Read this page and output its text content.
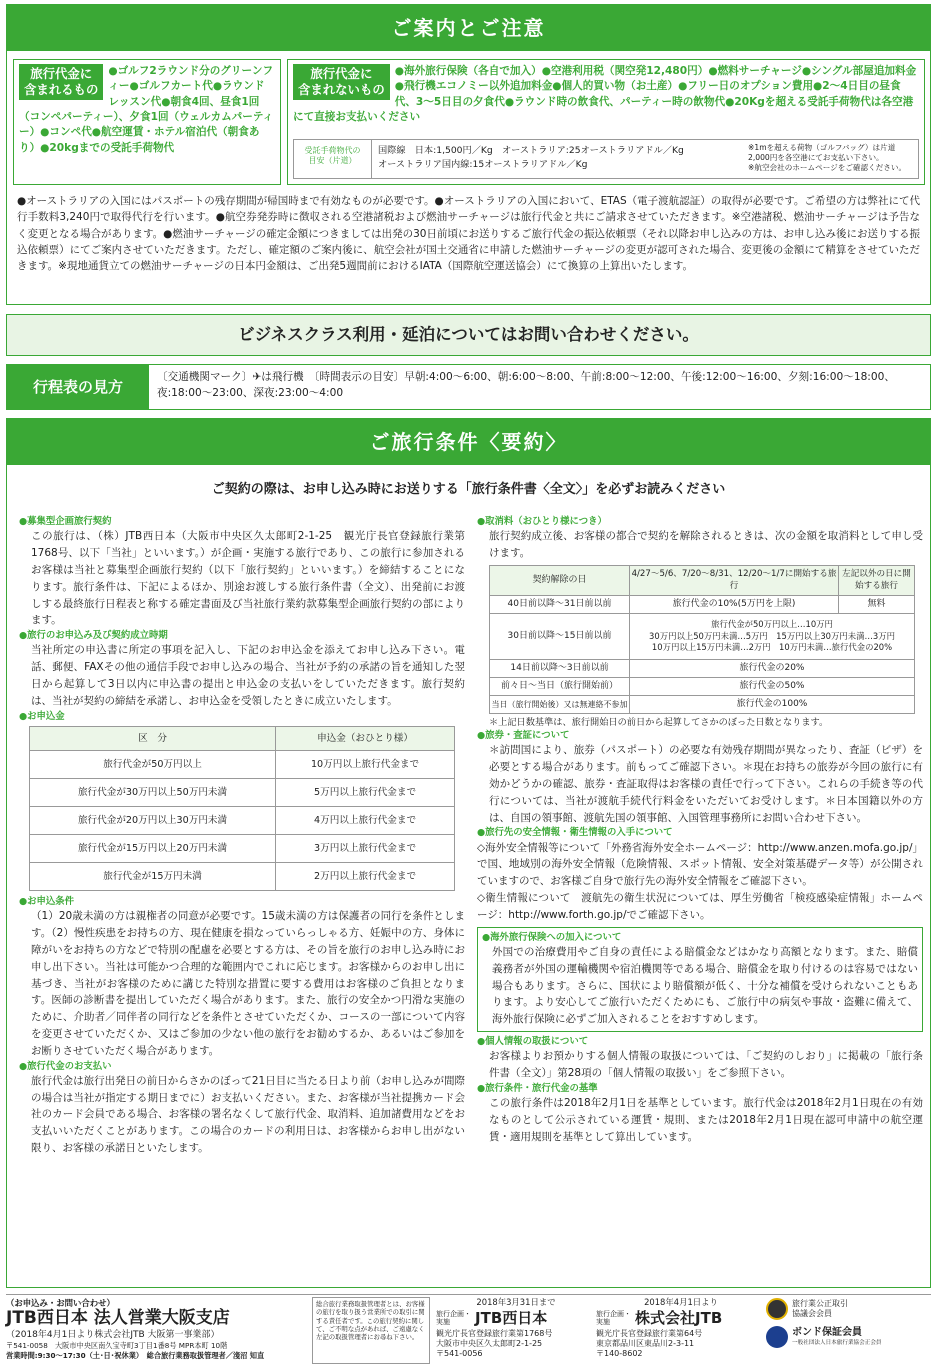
ご案内とご注意
旅行代金に
含まれるもの
●ゴルフ2ラウンド分のグリーンフィー●ゴルフカート代●ラウンドレッスン代●朝食4回、昼食1回（コンペパーティー）、夕食1回（ウェルカムパーティー）●コンペ代●航空運賃・ホテル宿泊代（朝食あり）●20kgまでの受託手荷物代
旅行代金に
含まれないもの
●海外旅行保険（各自で加入）●空港利用税（関空発12,480円）●燃料サーチャージ●シングル部屋追加料金●飛行機エコノミー以外追加料金●個人的買い物（お土産）●フリー日のオプション費用●2～4日目の昼食代、3～5日目の夕食代●ラウンド時の飲食代、パーティー時の飲物代●20Kgを超える受託手荷物代は各空港にて直接お支払いください
受託手荷物代の
目安（片道）
国際線　日本:1,500円／Kg　オーストラリア:25オーストラリアドル／Kg
オーストラリア国内線:15オーストラリアドル／Kg
※1mを超える荷物（ゴルフバッグ）は片道2,000円を各空港にてお支払い下さい。
※航空会社のホームページをご確認ください。

●オーストラリアの入国にはパスポートの残存期間が帰国時まで有効なものが必要です。●オーストラリアの入国において、ETAS（電子渡航認証）の取得が必要です。ご希望の方は弊社にて代行手数料3,240円で取得代行を行います。●航空券発券時に徴収される空港諸税および燃油サーチャージは旅行代金と共にご請求させていただきます。※空港諸税、燃油サーチャージは予告なく変更となる場合があります。●燃油サーチャージの確定金額につきましては出発の30日前頃にお送りするご旅行代金の振込依頼票（それ以降お申し込みの方は、お申し込み後にお送りする振込依頼票）にてご案内させていただきます。ただし、確定額のご案内後に、航空会社が国土交通省に申請した燃油サーチャージの変更が認可された場合、変更後の金額にて精算をさせていただきます。※現地通貨立ての燃油サーチャージの日本円金額は、ご出発5週間前におけるIATA（国際航空運送協会）にて換算の上算出いたします。

ビジネスクラス利用・延泊についてはお問い合わせください。
行程表の見方
〔交通機関マーク〕✈は飛行機　〔時間表示の目安〕早朝:4:00～6:00、朝:6:00～8:00、午前:8:00～12:00、午後:12:00～16:00、夕刻:16:00～18:00、夜:18:00～23:00、深夜:23:00～4:00
ご旅行条件〈要約〉
ご契約の際は、お申し込み時にお送りする「旅行条件書〈全文〉」を必ずお読みください
●募集型企画旅行契約

この旅行は、（株）JTB西日本（大阪市中央区久太郎町2-1-25　観光庁長官登録旅行業第1768号、以下「当社」といいます。）が企画・実施する旅行であり、この旅行に参加されるお客様は当社と募集型企画旅行契約（以下「旅行契約」といいます。）を締結することになります。旅行条件は、下記によるほか、別途お渡しする旅行条件書（全文）、出発前にお渡しする最終旅行日程表と称する確定書面及び当社旅行業約款募集型企画旅行契約の部によります。

●旅行のお申込み及び契約成立時期

当社所定の申込書に所定の事項を記入し、下記のお申込金を添えてお申し込み下さい。電話、郵便、FAXその他の通信手段でお申し込みの場合、当社が予約の承諾の旨を通知した翌日から起算して3日以内に申込書の提出と申込金の支払いをしていただきます。旅行契約は、当社が契約の締結を承諾し、お申込金を受領したときに成立いたします。

●お申込金
区　分	申込金（おひとり様）
旅行代金が50万円以上	10万円以上旅行代金まで
旅行代金が30万円以上50万円未満	5万円以上旅行代金まで
旅行代金が20万円以上30万円未満	4万円以上旅行代金まで
旅行代金が15万円以上20万円未満	3万円以上旅行代金まで
旅行代金が15万円未満	2万円以上旅行代金まで
●お申込条件

（1）20歳未満の方は親権者の同意が必要です。15歳未満の方は保護者の同行を条件とします。（2）慢性疾患をお持ちの方、現在健康を損なっていらっしゃる方、妊娠中の方、身体に障がいをお持ちの方などで特別の配慮を必要とする方は、その旨を旅行のお申し込み時にお申し出下さい。当社は可能かつ合理的な範囲内でこれに応じます。お客様からのお申し出に基づき、当社がお客様のために講じた特別な措置に要する費用はお客様のご負担となります。医師の診断書を提出していただく場合があります。また、旅行の安全かつ円滑な実施のために、介助者／同伴者の同行などを条件とさせていただくか、コースの一部について内容を変更させていただくか、又はご参加の少ない他の旅行をお勧めするか、あるいはご参加をお断りさせていただく場合があります。

●旅行代金のお支払い

旅行代金は旅行出発日の前日からさかのぼって21日目に当たる日より前（お申し込みが間際の場合は当社が指定する期日までに）お支払いください。また、お客様が当社提携カード会社のカード会員である場合、お客様の署名なくして旅行代金、取消料、追加諸費用などをお支払いいただくことがあります。この場合のカードの利用日は、お客様からお申し出がない限り、お客様の承諾日といたします。

●取消料（おひとり様につき）

旅行契約成立後、お客様の都合で契約を解除されるときは、次の金額を取消料として申し受けます。

契約解除の日	4/27～5/6、7/20～8/31、12/20～1/7に開始する旅行	左記以外の日に開始する旅行
40日前以降～31日前以前	旅行代金の10%(5万円を上限)	無料
30日前以降～15日前以前	旅行代金が50万円以上…10万円
30万円以上50万円未満…5万円　15万円以上30万円未満…3万円
10万円以上15万円未満…2万円　10万円未満…旅行代金の20%	

14日前以降～3日前以前	旅行代金の20%	
前々日～当日（旅行開始前）	旅行代金の50%	
当日（旅行開始後）又は無連絡不参加	旅行代金の100%	
＊上記日数基準は、旅行開始日の前日から起算してさかのぼった日数となります。
●旅券・査証について

＊訪問国により、旅券（パスポート）の必要な有効残存期間が異なったり、査証（ビザ）を必要とする場合があります。前もってご確認下さい。＊現在お持ちの旅券が今回の旅行に有効かどうかの確認、旅券・査証取得はお客様の責任で行って下さい。これらの手続き等の代行については、当社が渡航手続代行料金をいただいてお受けします。＊日本国籍以外の方は、自国の領事館、渡航先国の領事館、入国管理事務所にお問い合わせ下さい。

●旅行先の安全情報・衛生情報の入手について

◇海外安全情報等について「外務省海外安全ホームページ：http://www.anzen.mofa.go.jp/」で国、地域別の海外安全情報（危険情報、スポット情報、安全対策基礎データ等）が公開されていますので、お客様ご自身で旅行先の海外安全情報をご確認下さい。

◇衛生情報について　渡航先の衛生状況については、厚生労働省「検疫感染症情報」ホームページ：http://www.forth.go.jp/でご確認下さい。

●海外旅行保険への加入について

外国での治療費用やご自身の責任による賠償金などはかなり高額となります。また、賠償義務者が外国の運輸機関や宿泊機関等である場合、賠償金を取り付けるのは容易ではない場合もあります。さらに、国状により賠償額が低く、十分な補償を受けられないこともあります。より安心してご旅行いただくためにも、ご旅行中の病気や事故・盗難に備えて、海外旅行保険に必ずご加入されることをおすすめします。

●個人情報の取扱について

お客様よりお預かりする個人情報の取扱については、「ご契約のしおり」に掲載の「旅行条件書（全文）」第28項の「個人情報の取扱い」をご参照下さい。

●旅行条件・旅行代金の基準

この旅行条件は2018年2月1日を基準としています。旅行代金は2018年2月1日現在の有効なものとして公示されている運賃・規則、または2018年2月1日現在認可申請中の航空運賃・適用規則を基準として算出しています。

（お申込み・お問い合わせ）
JTB西日本 法人営業大阪支店
（2018年4月1日より株式会社JTB 大阪第一事業部）
〒541-0058　大阪市中央区南久宝寺町3丁目1番8号 MPR本町 10階
営業時間:9:30～17:30（土･日･祝休業）　総合旅行業務取扱管理者／淺沼 知直
総合旅行業務取扱管理者とは、お客様の旅行を取り扱う営業所での取引に関する責任者です。この旅行契約に関して、ご不明な点があれば、ご遠慮なく左記の取扱管理者にお尋ね下さい。
2018年3月31日まで
旅行企画・
実施	JTB西日本
観光庁長官登録旅行業第1768号
大阪市中央区久太郎町2-1-25
〒541-0056
2018年4月1日より
旅行企画・
実施	株式会社JTB
観光庁長官登録旅行業第64号
東京都品川区東品川2-3-11
〒140-8602
旅行業公正取引
協議会会員
ボンド保証会員
一般社団法人日本旅行業協会正会員
